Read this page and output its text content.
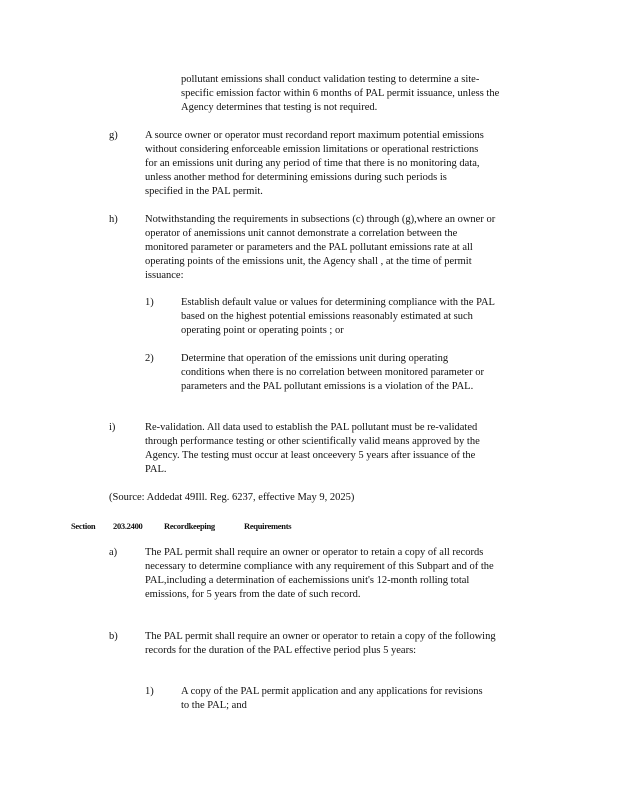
pollutant emissions shall conduct validation testing to determine a site-specific emission factor within 6 months of PAL permit issuance, unless the Agency determines that testing is not required.

g)	A source owner or operator must recordand report maximum potential emissions without considering enforceable emission limitations or operational restrictions for an emissions unit during any period of time that there is no monitoring data, unless another method for determining emissions during such periods is specified in the PAL permit.

h)	Notwithstanding the requirements in subsections (c) through (g),where an owner or operator of anemissions unit cannot demonstrate a correlation between the monitored parameter or parameters and the PAL pollutant emissions rate at all operating points of the emissions unit, the Agency shall , at the time of permit issuance:

1)	Establish default value or values for determining compliance with the PAL based on the highest potential emissions reasonably estimated at such operating point or operating points ; or

2)	Determine that operation of the emissions unit during operating conditions when there is no correlation between monitored parameter or parameters and the PAL pollutant emissions is a violation of the PAL.

i)	Re-validation. All data used to establish the PAL pollutant must be re-validated through performance testing or other scientifically valid means approved by the Agency. The testing must occur at least onceevery 5 years after issuance of the PAL.

(Source: Addedat 49Ill. Reg. 6237, effective May 9, 2025)

Section 203.2400	Recordkeeping	Requirements
a)	The PAL permit shall require an owner or operator to retain a copy of all records necessary to determine compliance with any requirement of this Subpart and of the PAL,including a determination of eachemissions unit's 12-month rolling total emissions, for 5 years from the date of such record.

b)	The PAL permit shall require an owner or operator to retain a copy of the following records for the duration of the PAL effective period plus 5 years:

1)	A copy of the PAL permit application and any applications for revisions to the PAL; and
